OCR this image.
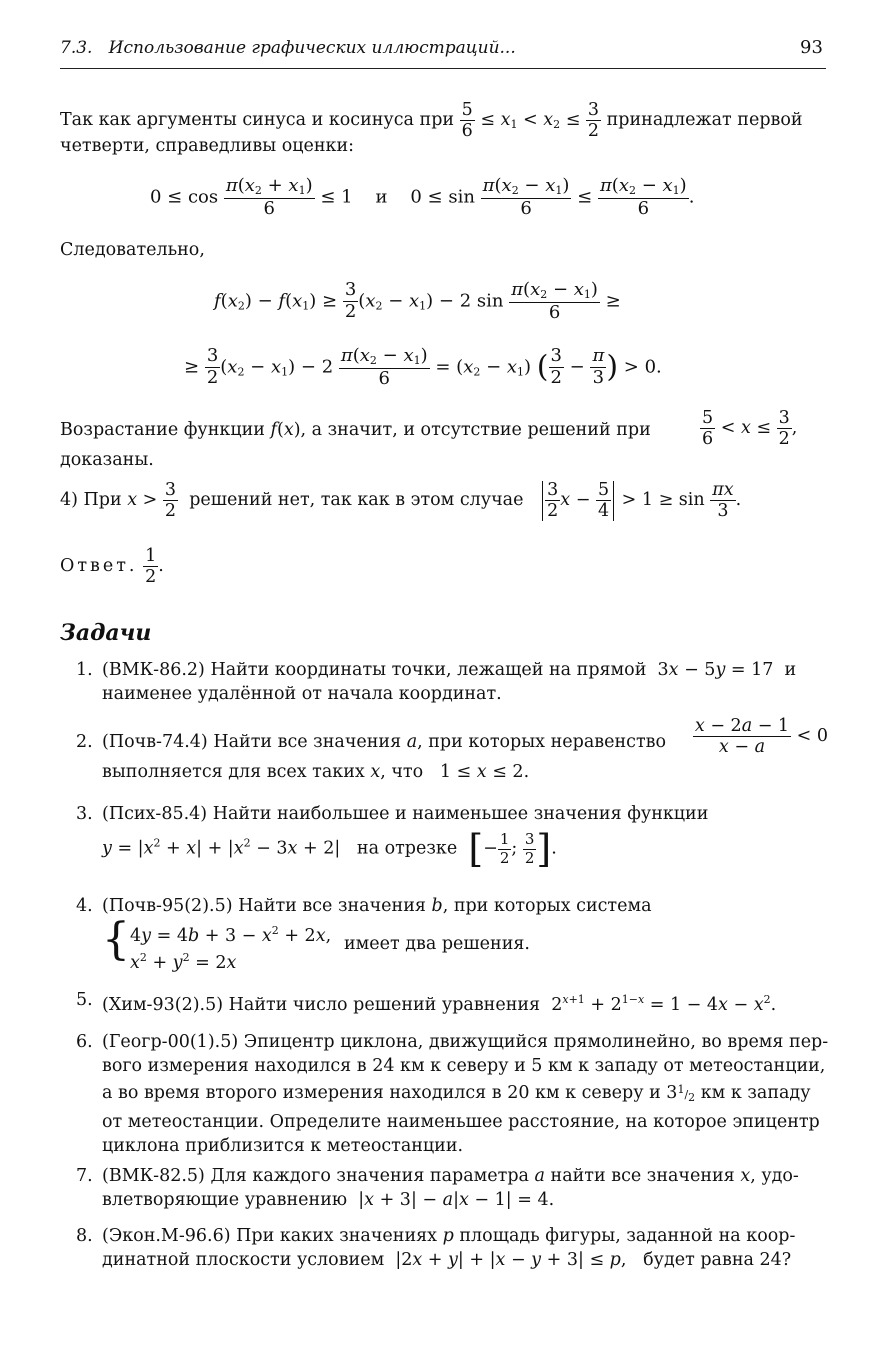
7.3. Использование графических иллюстраций...	93
Так как аргументы синуса и косинуса при $\frac{5}{6} \le x_1 < x_2 \le \frac{3}{2}$ принадлежат первой
четверти, справедливы оценки:
$0 \le \cos \frac{\pi(x_2 + x_1)}{6} \le 1$    и    $0 \le \sin \frac{\pi(x_2 - x_1)}{6} \le \frac{\pi(x_2 - x_1)}{6}$ .
Следовательно,
$f(x_2) - f(x_1) \ge \frac{3}{2} (x_2 - x_1) - 2$ $\sin \frac{\pi(x_2 - x_1)}{6}$ ≥
≥ $\frac{3}{2} (x_2 - x_1) - 2 \frac{\pi(x_2 - x_1)}{6} = (x_2 - x_1)$ ( $\frac{3}{2} - \frac{\pi}{3}$ ) > 0.
Возрастание функции f(x), а значит, и отсутствие решений при	$\frac{5}{6} < x \le \frac{3}{2}$ ,
доказаны.
4) При $x > \frac{3}{2}$ решений нет, так как в этом случае $\frac{3}{2}$ $x - \frac{5}{4} > 1 \ge \sin \frac{\pi x}{3}$ .
Ответ. $\frac{1}{2}$ .
Задачи
1. (ВМК-86.2) Найти координаты точки, лежащей на прямой  3x − 5y = 17  и
наименее удалённой от начала координат.
2. (Почв-74.4) Найти все значения a, при которых неравенство $\frac{x - 2a - 1}{x - a} < 0$
выполняется для всех таких x, что   1 ≤ x ≤ 2.
3. (Псих-85.4) Найти наибольшее и наименьшее значения функции
$y = |x^2 + x| + |x^2 - 3x + 2|$   на отрезке [− $\frac{1}{2}$ ; $\frac{3}{2}$ ].
4. (Почв-95(2).5) Найти все значения b, при которых система
{ $4y = 4b + 3 - x^2 + 2x$,
$x^2 + y^2 = 2x$
имеет два решения.
5. (Хим-93(2).5) Найти число решений уравнения  $2^{x+1} + 2^{1-x} = 1 - 4x - x^2$.
6. (Геогр-00(1).5) Эпицентр циклона, движущийся прямолинейно, во время пер-
вого измерения находился в 24 км к северу и 5 км к западу от метеостанции,
а во время второго измерения находился в 20 км к северу и $3^1/2$ км к западу
от метеостанции. Определите наименьшее расстояние, на которое эпицентр
циклона приблизится к метеостанции.
7. (ВМК-82.5) Для каждого значения параметра a найти все значения x, удо-
влетворяющие уравнению  |x + 3| − a|x − 1| = 4.
8. (Экон.М-96.6) При каких значениях p площадь фигуры, заданной на коор-
динатной плоскости условием  |2x + y| + |x − y + 3| ≤ p,   будет равна 24?
